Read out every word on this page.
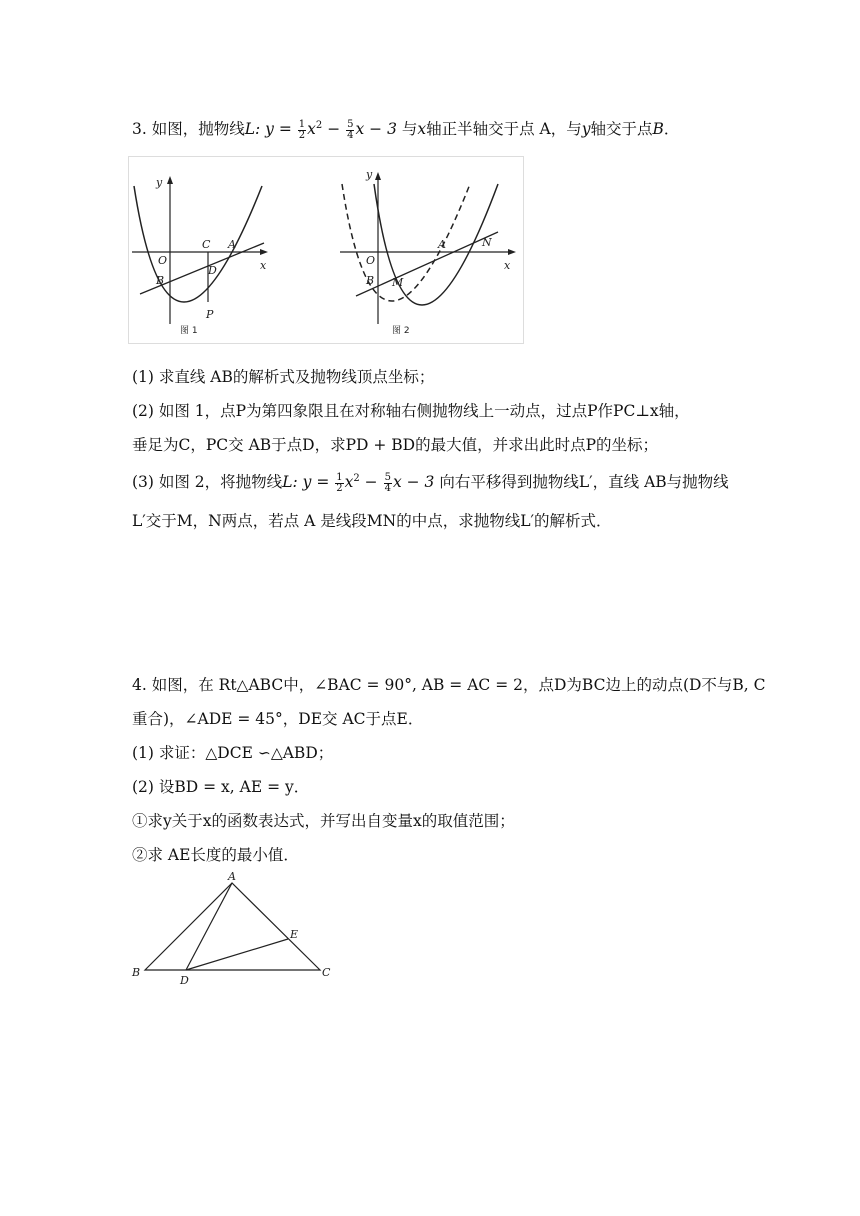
3. 如图，抛物线L: $y = \frac{1}{2} x^2 - \frac{5}{4}$ x − 3 与x轴正半轴交于点 A，与y轴交于点B．
y
x
O
A
B
C
D
P
图 1
y
x
O
A
B M
N
图 2
(1) 求直线 AB的解析式及抛物线顶点坐标；
(2) 如图 1，点P为第四象限且在对称轴右侧抛物线上一动点，过点P作PC⊥x轴，
垂足为C，PC交 AB于点D，求PD + BD的最大值，并求出此时点P的坐标；
(3) 如图 2，将抛物线L: $y = \frac{1}{2} x^2 - \frac{5}{4}$ x − 3 向右平移得到抛物线L′，直线 AB与抛物线
L′交于M，N两点，若点 A 是线段MN的中点，求抛物线L′的解析式．
4. 如图，在 Rt△ABC中，∠BAC = 90°, AB = AC = 2，点D为BC边上的动点(D不与B, C
重合)，∠ADE = 45°，DE交 AC于点E．
(1) 求证：△DCE ∽△ABD；
(2) 设BD = x, AE = y．
①求y关于x的函数表达式，并写出自变量x的取值范围；
②求 AE长度的最小值．
A
B	C
D
E
